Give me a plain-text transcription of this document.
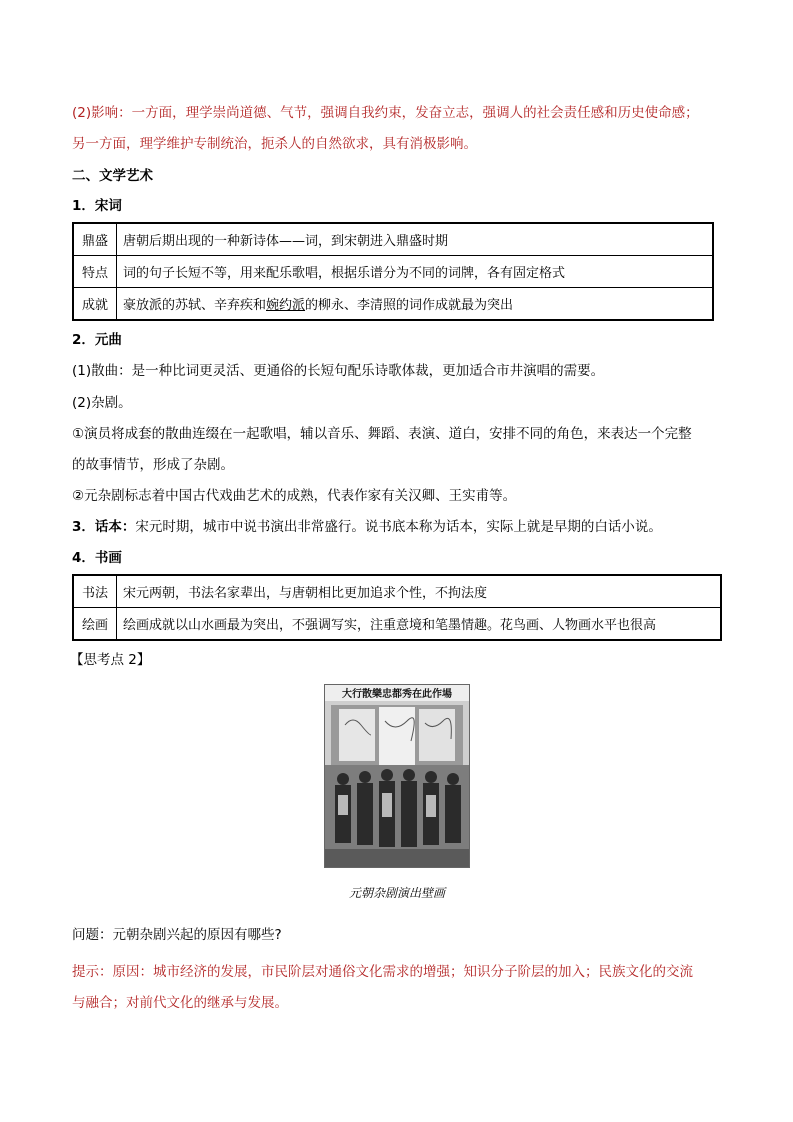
(2)影响：一方面，理学崇尚道德、气节，强调自我约束，发奋立志，强调人的社会责任感和历史使命感；
另一方面，理学维护专制统治，扼杀人的自然欲求，具有消极影响。
二、文学艺术
1．宋词
鼎盛	唐朝后期出现的一种新诗体——词，到宋朝进入鼎盛时期
特点	词的句子长短不等，用来配乐歌唱，根据乐谱分为不同的词牌，各有固定格式
成就	豪放派的苏轼、辛弃疾和婉约派的柳永、李清照的词作成就最为突出
2．元曲
(1)散曲：是一种比词更灵活、更通俗的长短句配乐诗歌体裁，更加适合市井演唱的需要。
(2)杂剧。
①演员将成套的散曲连缀在一起歌唱，辅以音乐、舞蹈、表演、道白，安排不同的角色，来表达一个完整
的故事情节，形成了杂剧。
②元杂剧标志着中国古代戏曲艺术的成熟，代表作家有关汉卿、王实甫等。
3．话本：宋元时期，城市中说书演出非常盛行。说书底本称为话本，实际上就是早期的白话小说。
4．书画
书法	宋元两朝，书法名家辈出，与唐朝相比更加追求个性，不拘法度
绘画	绘画成就以山水画最为突出，不强调写实，注重意境和笔墨情趣。花鸟画、人物画水平也很高
【思考点 2】
大行散樂忠都秀在此作場
元朝杂剧演出壁画
问题：元朝杂剧兴起的原因有哪些?
提示：原因：城市经济的发展，市民阶层对通俗文化需求的增强；知识分子阶层的加入；民族文化的交流
与融合；对前代文化的继承与发展。
